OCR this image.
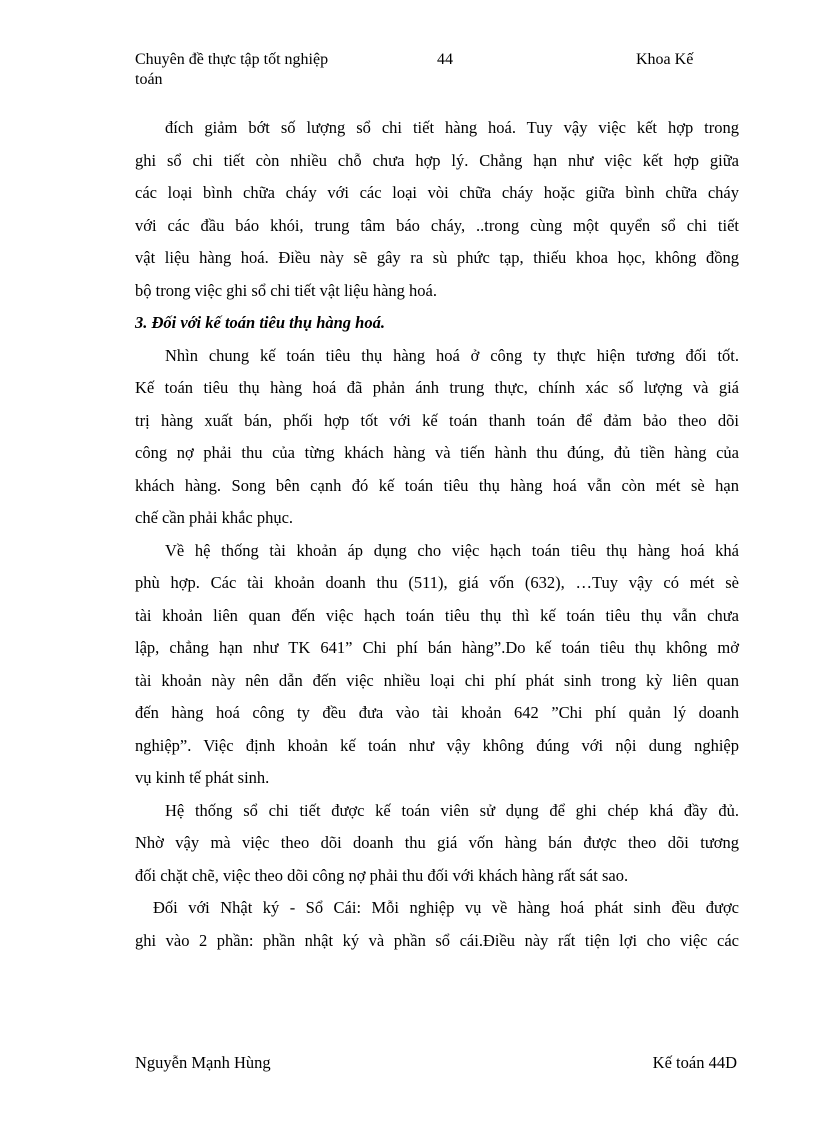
Chuyên đề thực tập tốt nghiệp	44	Khoa Kế
toán
đích giảm bớt số lượng sổ chi tiết hàng hoá. Tuy vậy việc kết hợp trong
ghi sổ chi tiết còn nhiều chỗ chưa hợp lý. Chẳng hạn như việc kết hợp giữa
các loại bình chữa cháy với các loại vòi chữa cháy hoặc giữa bình chữa cháy
với các đầu báo khói, trung tâm báo cháy, ..trong cùng một quyển sổ chi tiết
vật liệu hàng hoá. Điều này sẽ gây ra sù phức tạp, thiếu khoa học, không đồng
bộ trong việc ghi sổ chi tiết vật liệu hàng hoá.
3. Đối với kế toán tiêu thụ hàng hoá.
Nhìn chung kế toán tiêu thụ hàng hoá ở công ty thực hiện tương đối tốt.
Kế toán tiêu thụ hàng hoá đã phản ánh trung thực, chính xác số lượng và giá
trị hàng xuất bán, phối hợp tốt với kế toán thanh toán để đảm bảo theo dõi
công nợ phải thu của từng khách hàng và tiến hành thu đúng, đủ tiền hàng của
khách hàng. Song bên cạnh đó kế toán tiêu thụ hàng hoá vẫn còn mét sè hạn
chế cần phải khắc phục.
Về hệ thống tài khoản áp dụng cho việc hạch toán tiêu thụ hàng hoá khá
phù hợp. Các tài khoản doanh thu (511), giá vốn (632), …Tuy vậy có mét sè
tài khoản liên quan đến việc hạch toán tiêu thụ thì kế toán tiêu thụ vẫn chưa
lập, chẳng hạn như TK 641” Chi phí bán hàng”.Do kế toán tiêu thụ không mở
tài khoản này nên dẫn đến việc nhiều loại chi phí phát sinh trong kỳ liên quan
đến hàng hoá công ty đều đưa vào tài khoản 642 ”Chi phí quản lý doanh
nghiệp”. Việc định khoản kế toán như vậy không đúng với nội dung nghiệp
vụ kinh tế phát sinh.
Hệ thống sổ chi tiết được kế toán viên sử dụng để ghi chép khá đầy đủ.
Nhờ vậy mà việc theo dõi doanh thu giá vốn hàng bán được theo dõi tương
đối chặt chẽ, việc theo dõi công nợ phải thu đối với khách hàng rất sát sao.
Đối với Nhật ký - Sổ Cái: Mỗi nghiệp vụ về hàng hoá phát sinh đều được
ghi vào 2 phần: phần nhật ký và phần sổ cái.Điều này rất tiện lợi cho việc các
Nguyễn Mạnh Hùng	Kế toán 44D
